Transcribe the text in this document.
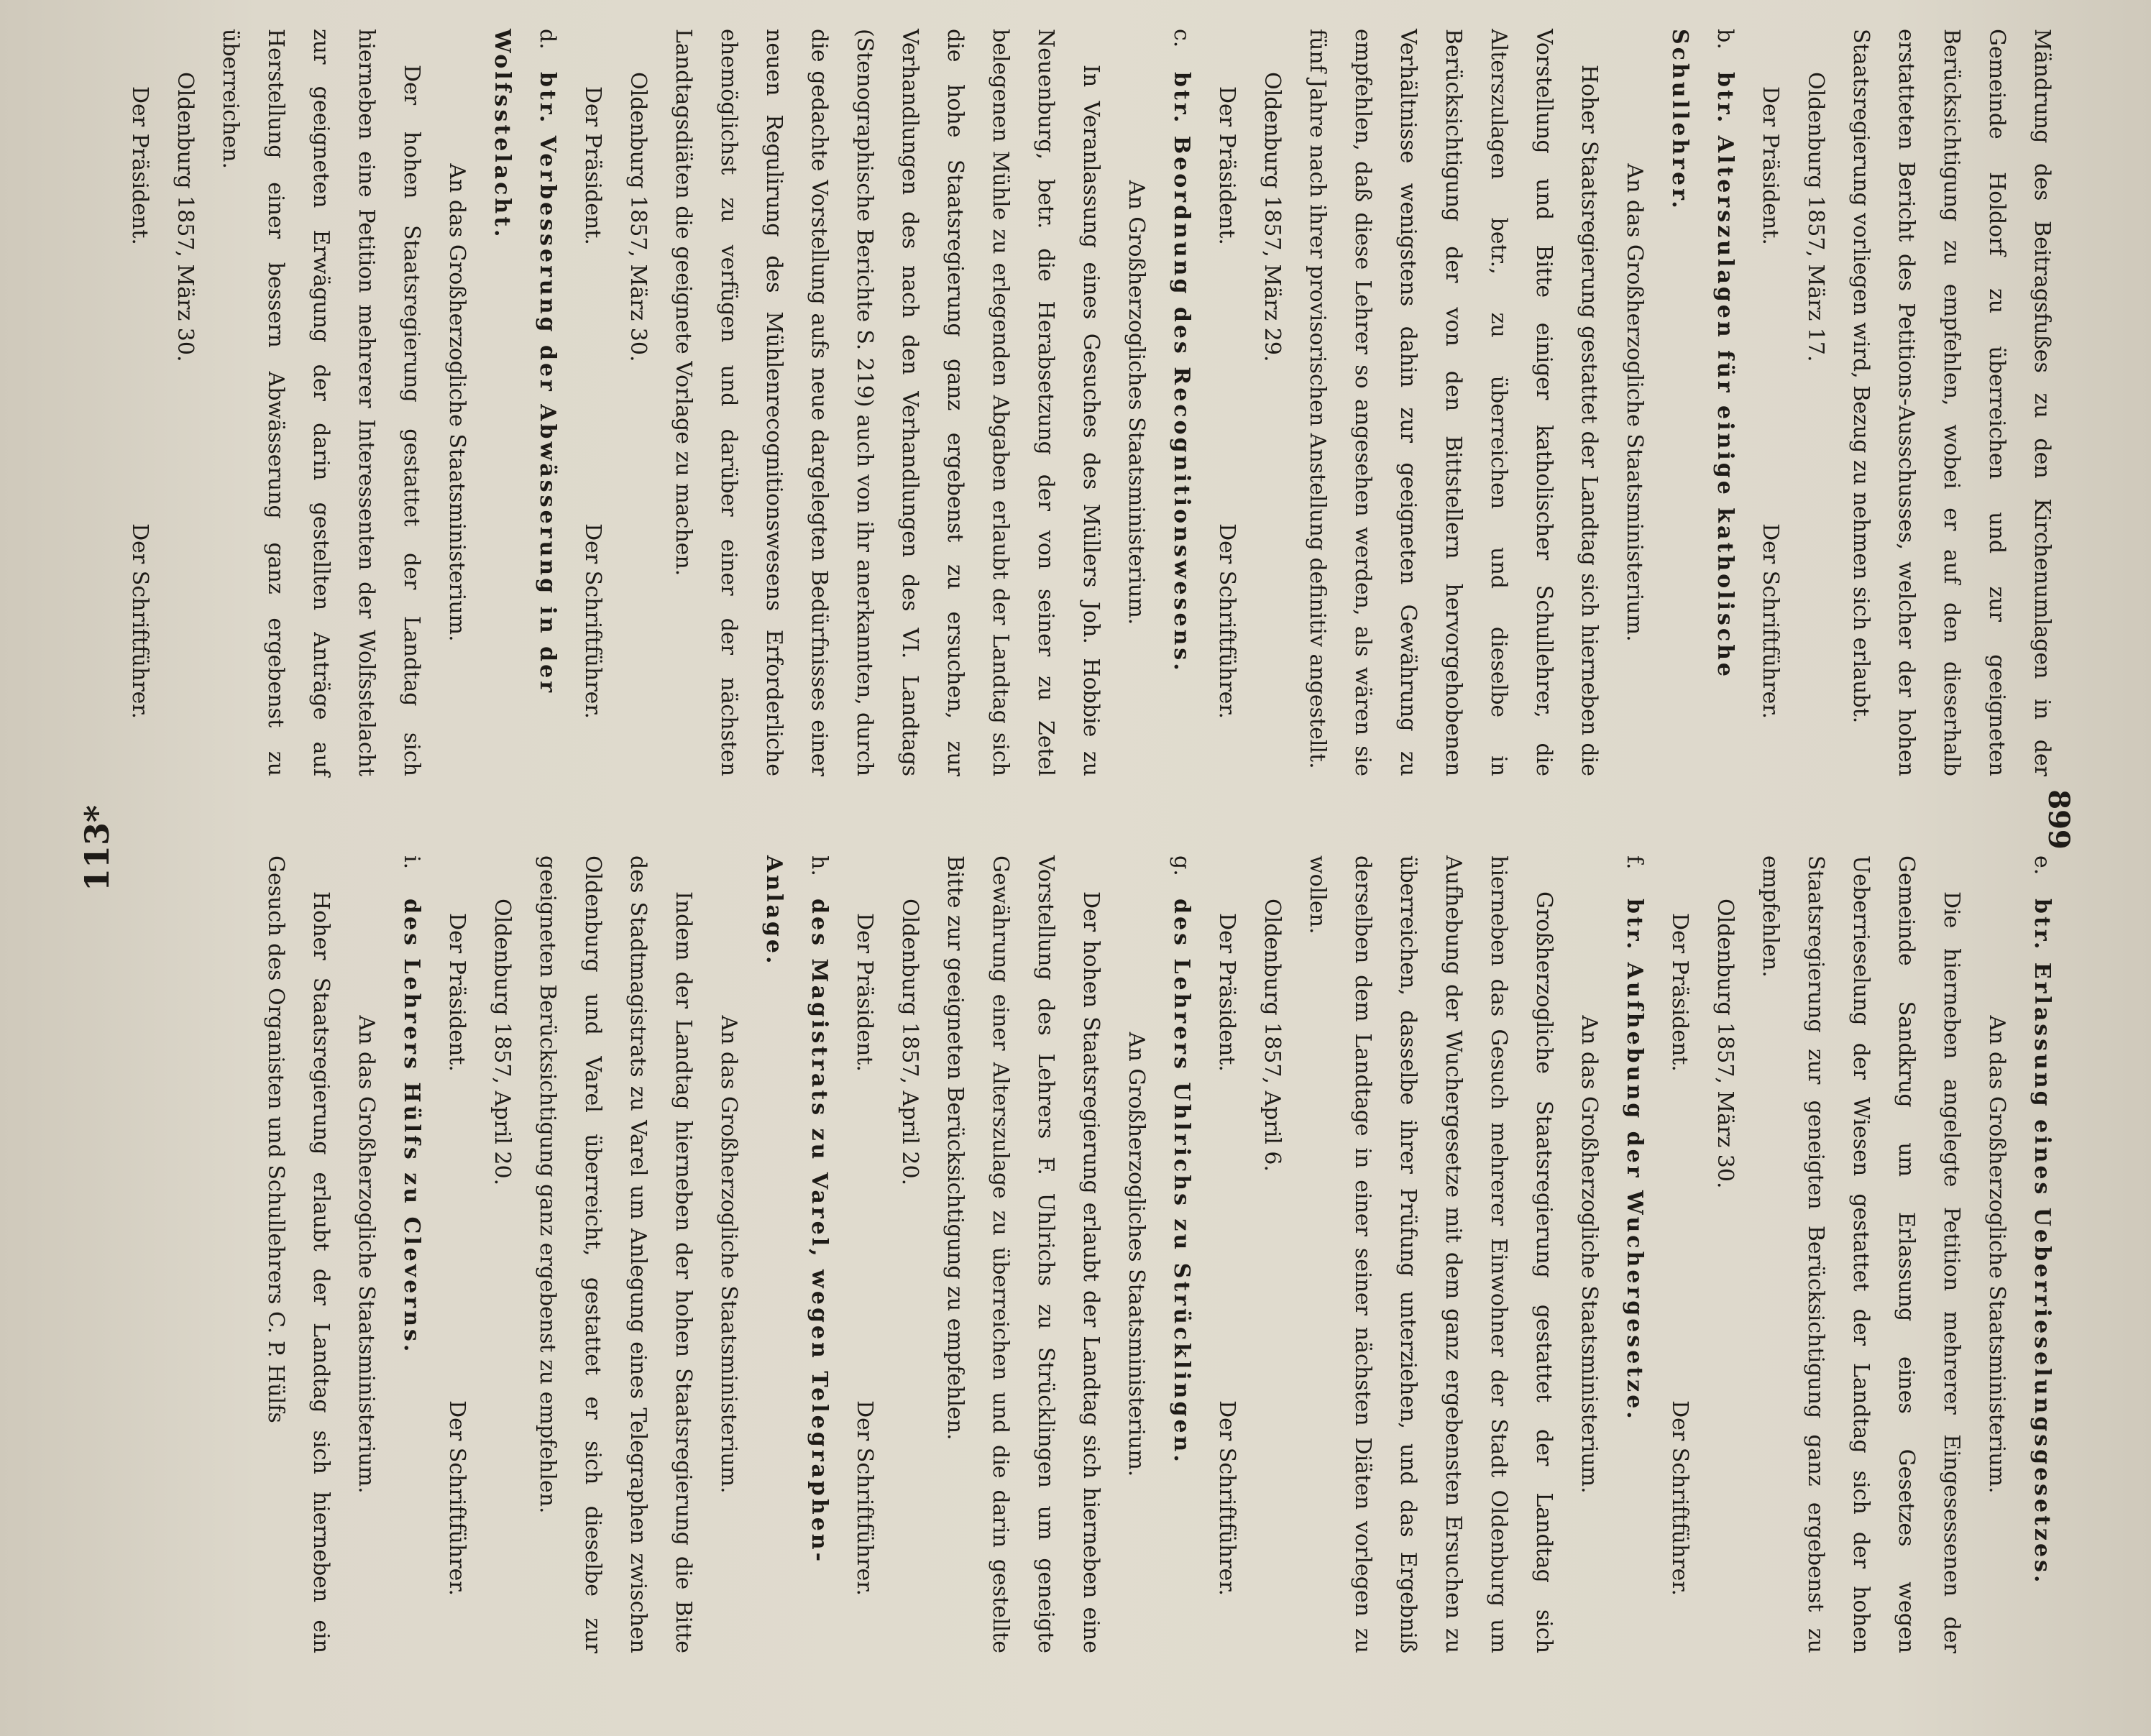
899

Mändrung des Beitragsfußes zu den Kirchenumlagen in der Gemeinde Holdorf zu überreichen und zur geeigneten Berücksichtigung zu empfehlen, wobei er auf den dieserhalb erstatteten Bericht des Petitions-Ausschusses, welcher der hohen Staatsregierung vorliegen wird, Bezug zu nehmen sich erlaubt.

Oldenburg 1857, März 17.

Der Präsident.
Der Schriftführer.

b.btr. Alterszulagen für einige katholische Schullehrer.

An das Großherzogliche Staatsministerium.

Hoher Staatsregierung gestattet der Landtag sich hierneben die Vorstellung und Bitte einiger katholischer Schullehrer, die Alterszulagen betr., zu überreichen und dieselbe in Berücksichtigung der von den Bittstellern hervorgehobenen Verhältnisse wenigstens dahin zur geeigneten Gewährung zu empfehlen, daß diese Lehrer so angesehen werden, als wären sie fünf Jahre nach ihrer provisorischen Anstellung definitiv angestellt.

Oldenburg 1857, März 29.

Der Präsident.
Der Schriftführer.

c.btr. Beordnung des Recognitionswesens.

An Großherzogliches Staatsministerium.

In Veranlassung eines Gesuches des Müllers Joh. Hobbie zu Neuenburg, betr. die Herabsetzung der von seiner zu Zetel belegenen Mühle zu erlegenden Abgaben erlaubt der Landtag sich die hohe Staatsregierung ganz ergebenst zu ersuchen, zur Verhandlungen des nach den Verhandlungen des VI. Landtags (Stenographische Berichte S. 219) auch von ihr anerkannten, durch die gedachte Vorstellung aufs neue dargelegten Bedürfnisses einer neuen Regulirung des Mühlenrecognitionswesens Erforderliche ehemöglichst zu verfügen und darüber einer der nächsten Landtagsdiäten die geeignete Vorlage zu machen.

Oldenburg 1857, März 30.

Der Präsident.
Der Schriftführer.

d.btr. Verbesserung der Abwässerung in der Wolfsstelacht.

An das Großherzogliche Staatsministerium.

Der hohen Staatsregierung gestattet der Landtag sich hierneben eine Petition mehrerer Interessenten der Wolfsstelacht zur geeigneten Erwägung der darin gestellten Anträge auf Herstellung einer bessern Abwässerung ganz ergebenst zu überreichen.

Oldenburg 1857, März 30.

Der Präsident.
Der Schriftführer.

e.btr. Erlassung eines Ueberrieselungsgesetzes.

An das Großherzogliche Staatsministerium.

Die hierneben angelegte Petition mehrerer Eingesessenen der Gemeinde Sandkrug um Erlassung eines Gesetzes wegen Ueberrieselung der Wiesen gestattet der Landtag sich der hohen Staatsregierung zur geneigten Berücksichtigung ganz ergebenst zu empfehlen.

Oldenburg 1857, März 30.

Der Präsident.
Der Schriftführer.

f.btr. Aufhebung der Wuchergesetze.

An das Großherzogliche Staatsministerium.

Großherzogliche Staatsregierung gestattet der Landtag sich hierneben das Gesuch mehrerer Einwohner der Stadt Oldenburg um Aufhebung der Wuchergesetze mit dem ganz ergebensten Ersuchen zu überreichen, dasselbe ihrer Prüfung unterziehen, und das Ergebniß derselben dem Landtage in einer seiner nächsten Diäten vorlegen zu wollen.

Oldenburg 1857, April 6.

Der Präsident.
Der Schriftführer.

g.des Lehrers Uhlrichs zu Strücklingen.

An Großherzogliches Staatsministerium.

Der hohen Staatsregierung erlaubt der Landtag sich hierneben eine Vorstellung des Lehrers F. Uhlrichs zu Strücklingen um geneigte Gewährung einer Alterszulage zu überreichen und die darin gestellte Bitte zur geeigneten Berücksichtigung zu empfehlen.

Oldenburg 1857, April 20.

Der Präsident.
Der Schriftführer.

h.des Magistrats zu Varel, wegen Telegraphen-Anlage.

An das Großherzogliche Staatsministerium.

Indem der Landtag hierneben der hohen Staatsregierung die Bitte des Stadtmagistrats zu Varel um Anlegung eines Telegraphen zwischen Oldenburg und Varel überreicht, gestattet er sich dieselbe zur geeigneten Berücksichtigung ganz ergebenst zu empfehlen.

Oldenburg 1857, April 20.

Der Präsident.
Der Schriftführer.

i.des Lehrers Hülfs zu Cleverns.

An das Großherzogliche Staatsministerium.

Hoher Staatsregierung erlaubt der Landtag sich hierneben ein Gesuch des Organisten und Schullehrers C. P. Hülfs

113*
